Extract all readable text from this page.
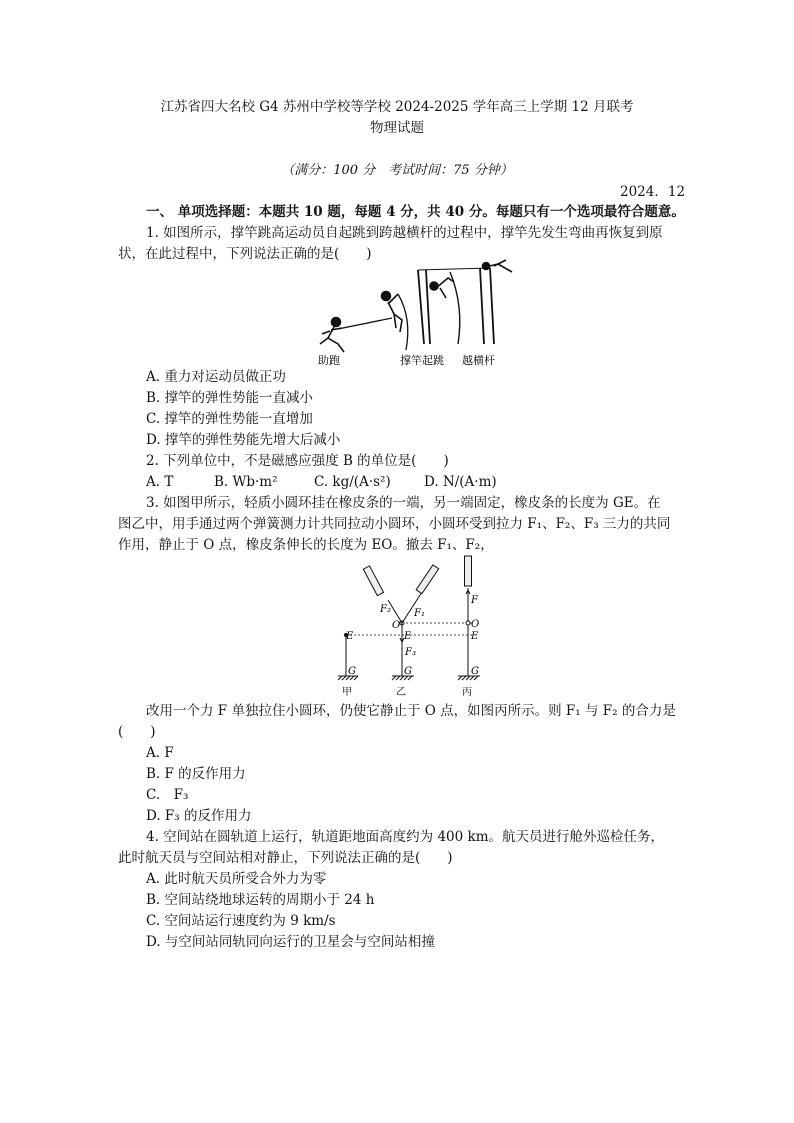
江苏省四大名校 G4 苏州中学校等学校 2024-2025 学年高三上学期 12 月联考
物理试题
（满分：100 分　考试时间：75 分钟）
2024．12
一、 单项选择题：本题共 10 题，每题 4 分，共 40 分。每题只有一个选项最符合题意。
1. 如图所示，撑竿跳高运动员自起跳到跨越横杆的过程中，撑竿先发生弯曲再恢复到原
状，在此过程中，下列说法正确的是(　　)
助跑	撑竿起跳 越横杆
A. 重力对运动员做正功
B. 撑竿的弹性势能一直减小
C. 撑竿的弹性势能一直增加
D. 撑竿的弹性势能先增大后减小
2. 下列单位中，不是磁感应强度 B 的单位是(　　)
A. T	B. Wb·m²	C. kg/(A·s²) D. N/(A·m)
3. 如图甲所示，轻质小圆环挂在橡皮条的一端，另一端固定，橡皮条的长度为 GE。在
图乙中，用手通过两个弹簧测力计共同拉动小圆环，小圆环受到拉力 F₁、F₂、F₃ 三力的共同
作用，静止于 O 点，橡皮条伸长的长度为 EO。撤去 F₁、F₂，
E
G
E
G
O
F₂ F₁
F₃
F
O
E
G
甲	乙	丙
改用一个力 F 单独拉住小圆环，仍使它静止于 O 点，如图丙所示。则 F₁ 与 F₂ 的合力是
(　　)
A. F
B. F 的反作用力
C.　F₃
D. F₃ 的反作用力
4. 空间站在圆轨道上运行，轨道距地面高度约为 400 km。航天员进行舱外巡检任务，
此时航天员与空间站相对静止，下列说法正确的是(　　)
A. 此时航天员所受合外力为零
B. 空间站绕地球运转的周期小于 24 h
C. 空间站运行速度约为 9 km/s
D. 与空间站同轨同向运行的卫星会与空间站相撞
